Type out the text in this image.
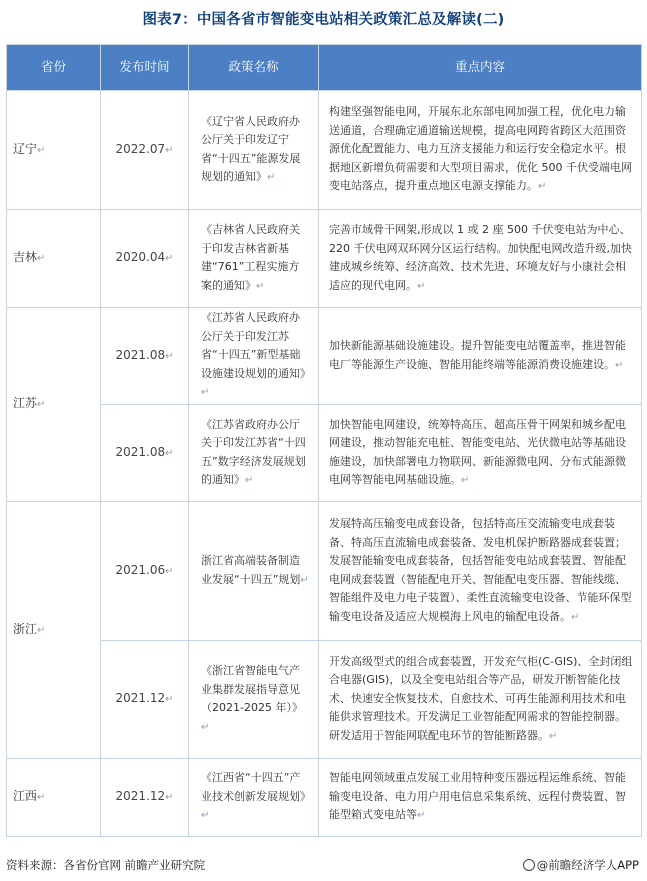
图表7：中国各省市智能变电站相关政策汇总及解读(二)
省份	发布时间	政策名称	重点内容
辽宁↵	2022.07↵	《辽宁省人民政府办公厅关于印发辽宁省“十四五”能源发展规划的通知》↵	构建坚强智能电网，开展东北东部电网加强工程，优化电力输送通道，合理确定通道输送规模，提高电网跨省跨区大范围资源优化配置能力、电力互济支援能力和运行安全稳定水平。根据地区新增负荷需要和大型项目需求，优化 500 千伏受端电网变电站落点，提升重点地区电源支撑能力。↵
吉林↵	2020.04↵	《吉林省人民政府关于印发吉林省新基建“761”工程实施方案的通知》↵	完善市域骨干网架,形成以 1 或 2 座 500 千伏变电站为中心、220 千伏电网双环网分区运行结构。加快配电网改造升级,加快建成城乡统筹、经济高效、技术先进、环境友好与小康社会相适应的现代电网。↵
江苏↵	2021.08↵	《江苏省人民政府办公厅关于印发江苏省“十四五”新型基础设施建设规划的通知》↵	加快新能源基础设施建设。提升智能变电站覆盖率，推进智能电厂等能源生产设施、智能用能终端等能源消费设施建设。↵
	2021.08↵	《江苏省政府办公厅关于印发江苏省“十四五”数字经济发展规划的通知》↵	加快智能电网建设，统筹特高压、超高压骨干网架和城乡配电网建设，推动智能充电桩、智能变电站、光伏微电站等基础设施建设，加快部署电力物联网、新能源微电网、分布式能源微电网等智能电网基础设施。↵
浙江↵	2021.06↵	浙江省高端装备制造业发展“十四五”规划↵	发展特高压输变电成套设备，包括特高压交流输变电成套装备、特高压直流输电成套装备、发电机保护断路器成套装置；发展智能输变电成套装备，包括智能变电站成套装置、智能配电网成套装置（智能配电开关、智能配电变压器、智能线缆、智能组件及电力电子装置）、柔性直流输变电设备、节能环保型输变电设备及适应大规模海上风电的输配电设备。↵
	2021.12↵	《浙江省智能电气产业集群发展指导意见（2021-2025 年）》↵	开发高级型式的组合成套装置，开发充气柜(C-GIS)、全封闭组合电器(GIS)，以及全变电站组合等产品，研发开断智能化技术、快速安全恢复技术、自愈技术、可再生能源利用技术和电能供求管理技术。开发满足工业智能配网需求的智能控制器。研发适用于智能网联配电环节的智能断路器。↵
江西↵	2021.12↵	《江西省“十四五”产业技术创新发展规划》↵	智能电网领域重点发展工业用特种变压器远程运维系统、智能输变电设备、电力用户用电信息采集系统、远程付费装置、智能型箱式变电站等↵
资料来源：各省份官网 前瞻产业研究院	@前瞻经济学人APP
